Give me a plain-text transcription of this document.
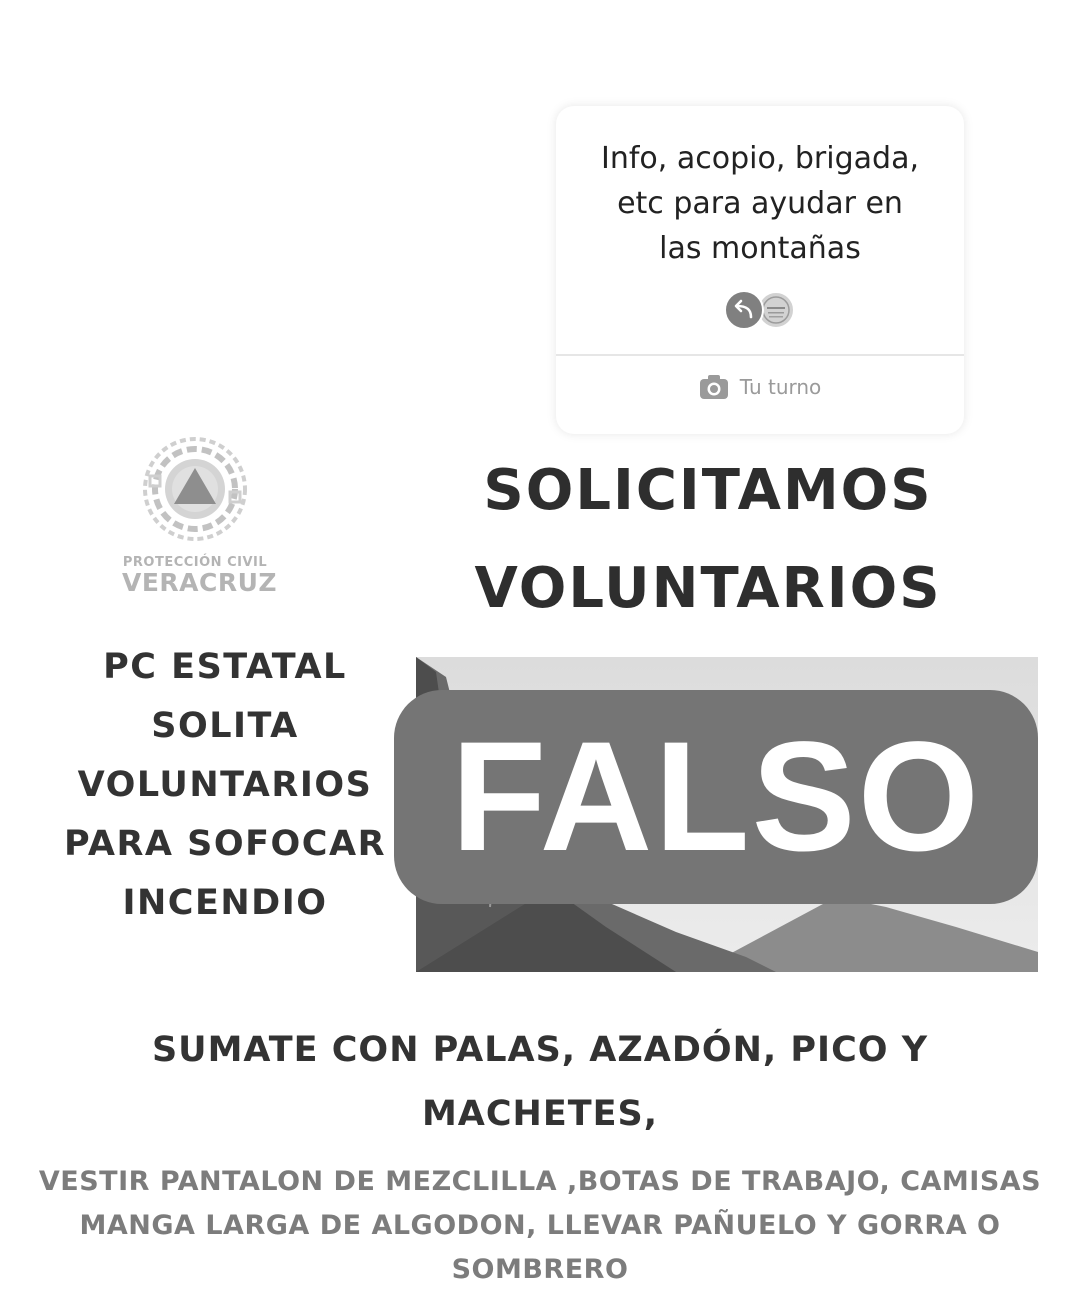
Info, acopio, brigada,
etc para ayudar en
las montañas
Tu turno
PROTECCIÓN CIVIL
VERACRUZ
SOLICITAMOS
VOLUNTARIOS
PC ESTATAL
SOLITA
VOLUNTARIOS
PARA SOFOCAR
INCENDIO
FALSO
SUMATE CON PALAS, AZADÓN, PICO Y
MACHETES,
VESTIR PANTALON DE MEZCLILLA ,BOTAS DE TRABAJO, CAMISAS
MANGA LARGA DE ALGODON, LLEVAR PAÑUELO Y GORRA O
SOMBRERO
